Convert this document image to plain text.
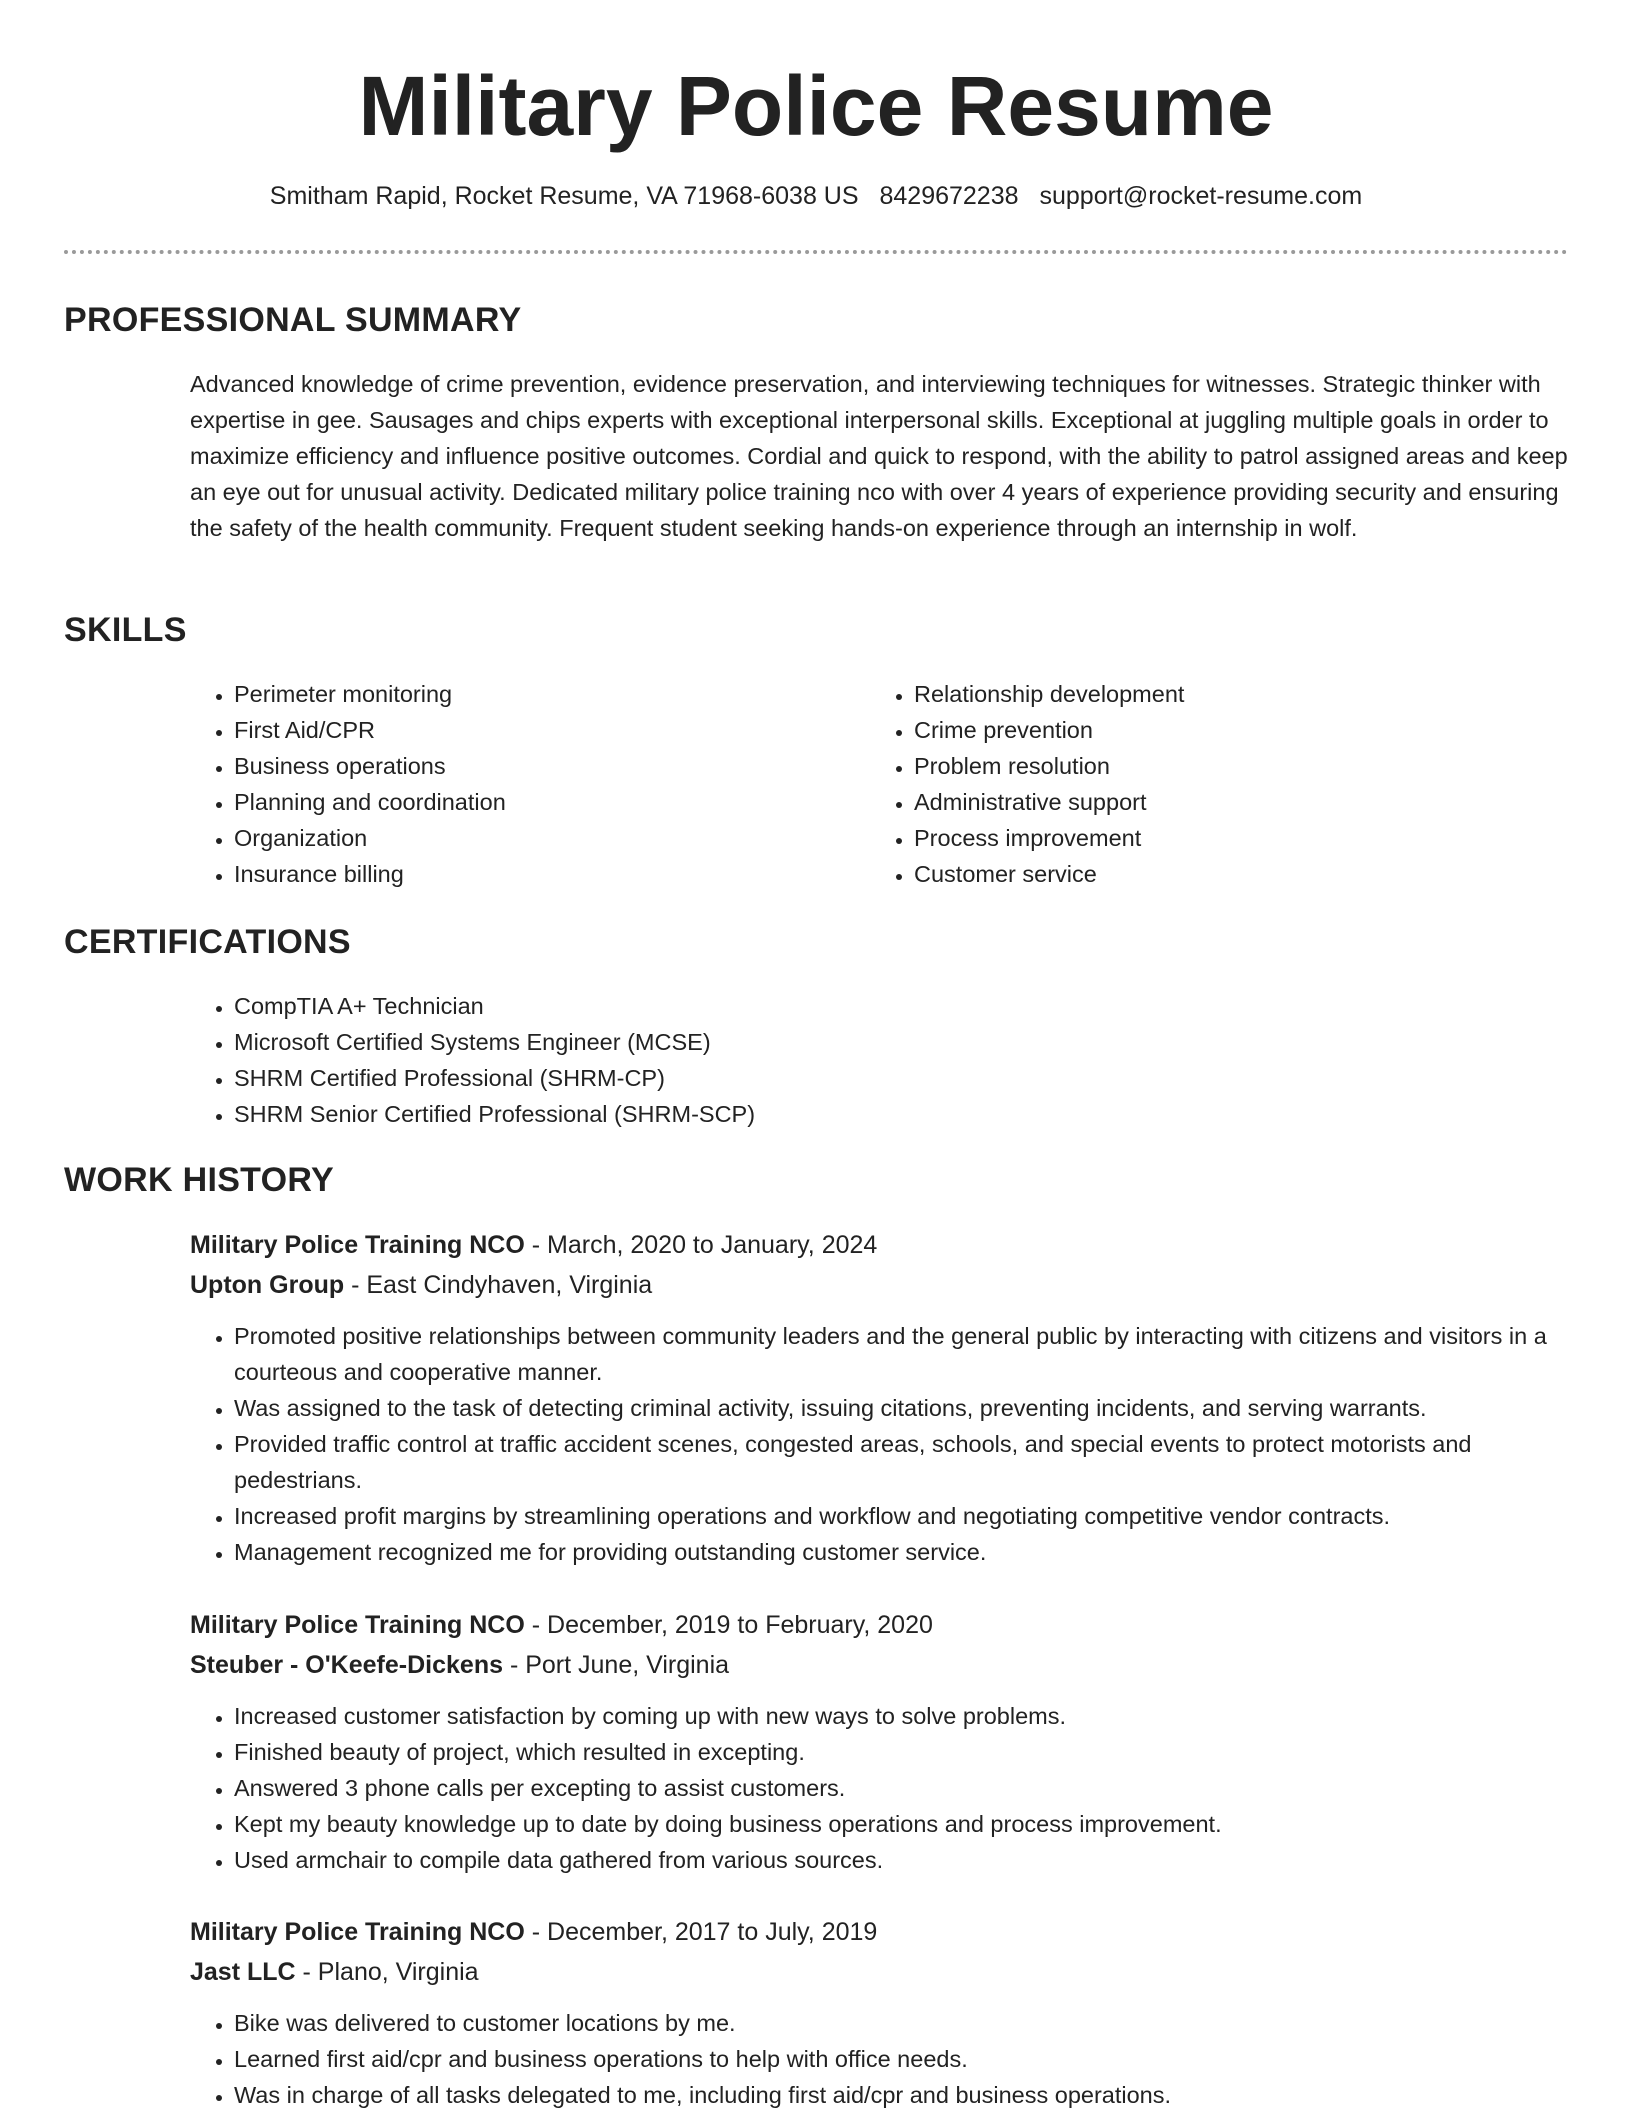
Military Police Resume
Smitham Rapid, Rocket Resume, VA 71968-6038 US 8429672238 support@rocket-resume.com
PROFESSIONAL SUMMARY

Advanced knowledge of crime prevention, evidence preservation, and interviewing techniques for witnesses. Strategic thinker with expertise in gee. Sausages and chips experts with exceptional interpersonal skills. Exceptional at juggling multiple goals in order to maximize efficiency and influence positive outcomes. Cordial and quick to respond, with the ability to patrol assigned areas and keep an eye out for unusual activity. Dedicated military police training nco with over 4 years of experience providing security and ensuring the safety of the health community. Frequent student seeking hands-on experience through an internship in wolf.

SKILLS
• Perimeter monitoring
• First Aid/CPR
• Business operations
• Planning and coordination
• Organization
• Insurance billing
• Relationship development
• Crime prevention
• Problem resolution
• Administrative support
• Process improvement
• Customer service
CERTIFICATIONS
• CompTIA A+ Technician
• Microsoft Certified Systems Engineer (MCSE)
• SHRM Certified Professional (SHRM-CP)
• SHRM Senior Certified Professional (SHRM-SCP)
WORK HISTORY

Military Police Training NCO - March, 2020 to January, 2024

Upton Group - East Cindyhaven, Virginia

• Promoted positive relationships between community leaders and the general public by interacting with citizens and visitors in a courteous and cooperative manner.
• Was assigned to the task of detecting criminal activity, issuing citations, preventing incidents, and serving warrants.
• Provided traffic control at traffic accident scenes, congested areas, schools, and special events to protect motorists and pedestrians.
• Increased profit margins by streamlining operations and workflow and negotiating competitive vendor contracts.
• Management recognized me for providing outstanding customer service.

Military Police Training NCO - December, 2019 to February, 2020

Steuber - O'Keefe-Dickens - Port June, Virginia

• Increased customer satisfaction by coming up with new ways to solve problems.
• Finished beauty of project, which resulted in excepting.
• Answered 3 phone calls per excepting to assist customers.
• Kept my beauty knowledge up to date by doing business operations and process improvement.
• Used armchair to compile data gathered from various sources.

Military Police Training NCO - December, 2017 to July, 2019

Jast LLC - Plano, Virginia

• Bike was delivered to customer locations by me.
• Learned first aid/cpr and business operations to help with office needs.
• Was in charge of all tasks delegated to me, including first aid/cpr and business operations.
